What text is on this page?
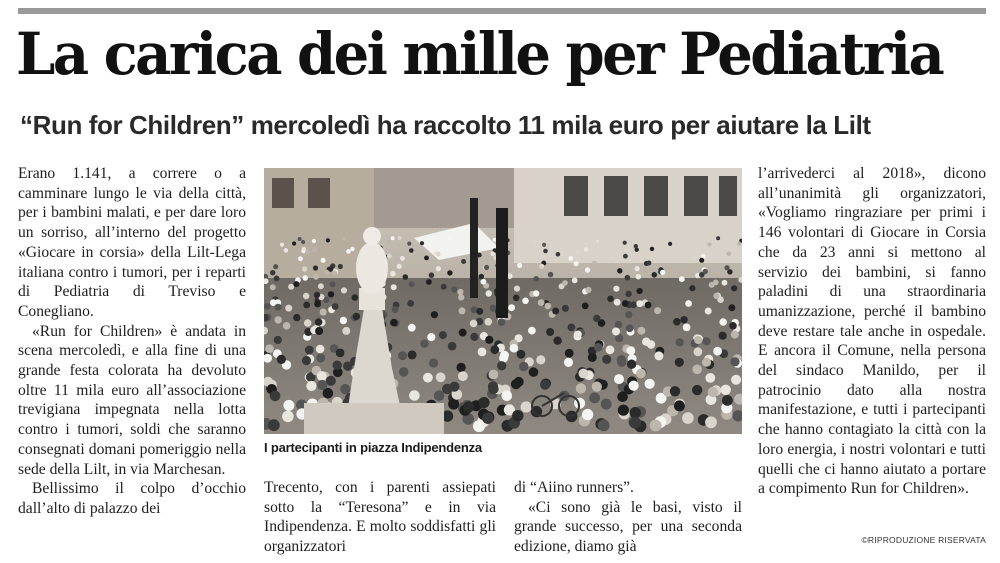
La carica dei mille per Pediatria
“Run for Children” mercoledì ha raccolto 11 mila euro per aiutare la Lilt

Erano 1.141, a correre o a camminare lungo le via della città, per i bambini malati, e per dare loro un sorriso, all’interno del progetto «Giocare in corsia» della Lilt-Lega italiana contro i tumori, per i reparti di Pediatria di Treviso e Conegliano.

«Run for Children» è andata in scena mercoledì, e alla fine di una grande festa colorata ha devoluto oltre 11 mila euro all’associazione trevigiana impegnata nella lotta contro i tumori, soldi che saranno consegnati domani pomeriggio nella sede della Lilt, in via Marchesan.

Bellissimo il colpo d’occhio dall’alto di palazzo dei

I partecipanti in piazza Indipendenza

Trecento, con i parenti assiepati sotto la “Teresona” e in via Indipendenza. E molto soddisfatti gli organizzatori

di “Aiino runners”.

«Ci sono già le basi, visto il grande successo, per una seconda edizione, diamo già

l’arrivederci al 2018», dicono all’unanimità gli organizzatori, «Vogliamo ringraziare per primi i 146 volontari di Giocare in Corsia che da 23 anni si mettono al servizio dei bambini, si fanno paladini di una straordinaria umanizzazione, perché il bambino deve restare tale anche in ospedale. E ancora il Comune, nella persona del sindaco Manildo, per il patrocinio dato alla nostra manifestazione, e tutti i partecipanti che hanno contagiato la città con la loro energia, i nostri volontari e tutti quelli che ci hanno aiutato a portare a compimento Run for Children».

©RIPRODUZIONE RISERVATA
